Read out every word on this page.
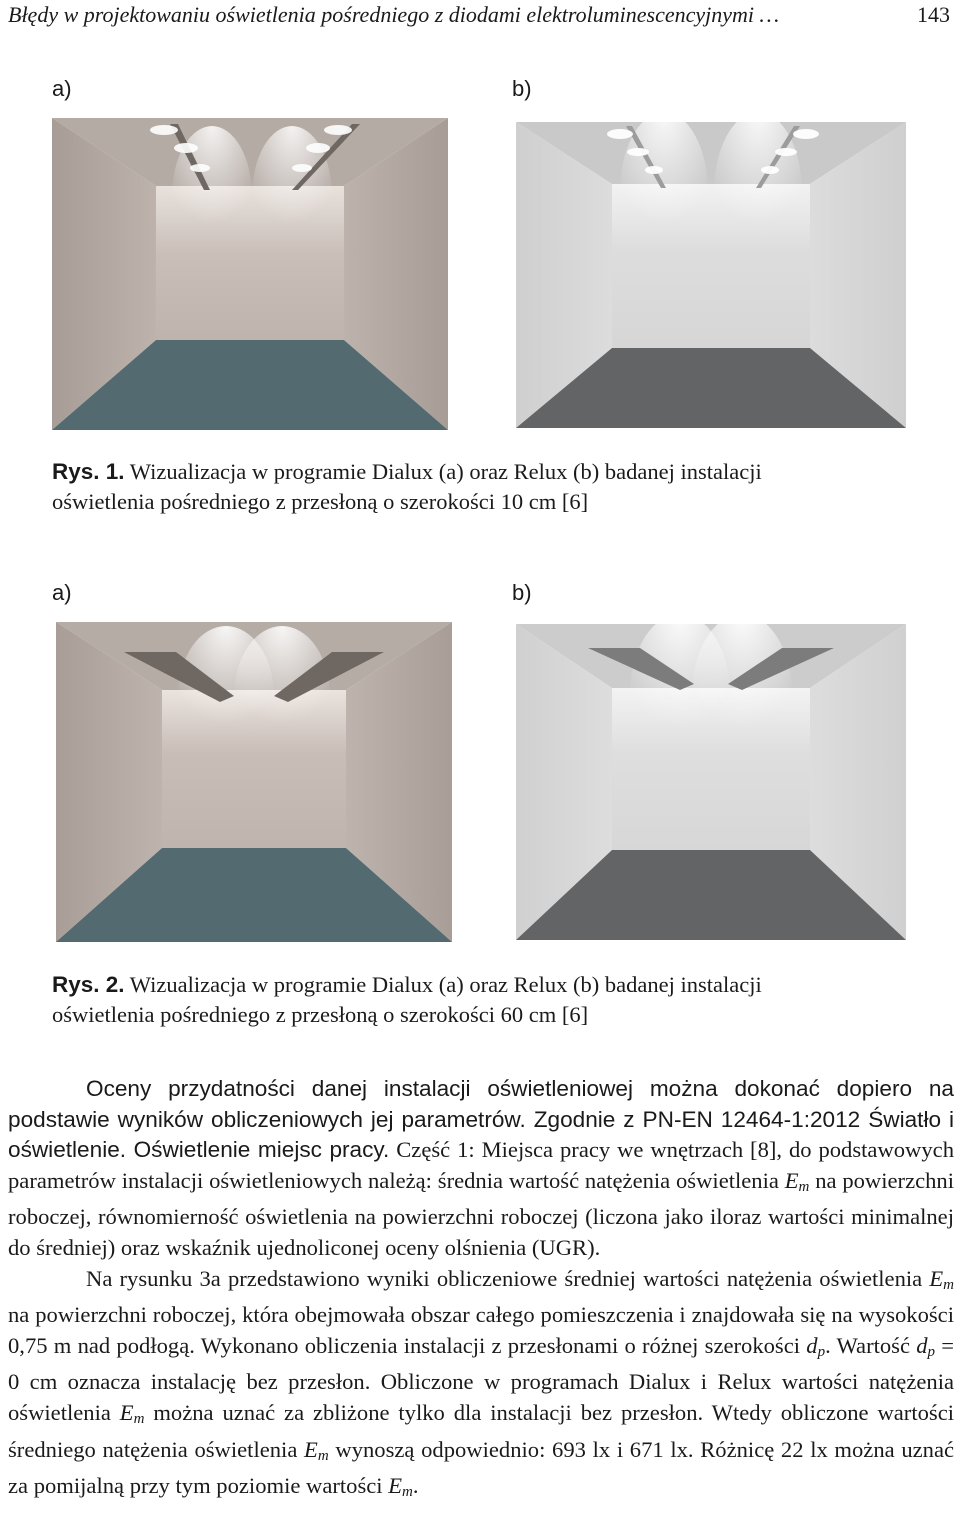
Błędy w projektowaniu oświetlenia pośredniego z diodami elektroluminescencyjnymi …	143
a)	b)
Rys. 1. Wizualizacja w programie Dialux (a) oraz Relux (b) badanej instalacji
oświetlenia pośredniego z przesłoną o szerokości 10 cm [6]
a)	b)
Rys. 2. Wizualizacja w programie Dialux (a) oraz Relux (b) badanej instalacji
oświetlenia pośredniego z przesłoną o szerokości 60 cm [6]

Oceny przydatności danej instalacji oświetleniowej można dokonać dopiero na podstawie wyników obliczeniowych jej parametrów. Zgodnie z PN-EN 12464-1:2012 Światło i oświetlenie. Oświetlenie miejsc pracy. Część 1: Miejsca pracy we wnętrzach [8], do podstawowych parametrów instalacji oświetleniowych należą: średnia wartość natężenia oświetlenia $E_m$ na powierzchni roboczej, równomierność oświetlenia na powierzchni roboczej (liczona jako iloraz wartości minimalnej do średniej) oraz wskaźnik ujednoliconej oceny olśnienia (UGR).

Na rysunku 3a przedstawiono wyniki obliczeniowe średniej wartości natężenia oświetlenia $E_m$ na powierzchni roboczej, która obejmowała obszar całego pomieszczenia i znajdowała się na wysokości 0,75 m nad podłogą. Wykonano obliczenia instalacji z przesłonami o różnej szerokości $d_p$. Wartość $d_p = 0$ cm oznacza instalację bez przesłon. Obliczone w programach Dialux i Relux wartości natężenia oświetlenia $E_m$ można uznać za zbliżone tylko dla instalacji bez przesłon. Wtedy obliczone wartości średniego natężenia oświetlenia $E_m$ wynoszą odpowiednio: 693 lx i 671 lx. Różnicę 22 lx można uznać za pomijalną przy tym poziomie wartości $E_m$.
